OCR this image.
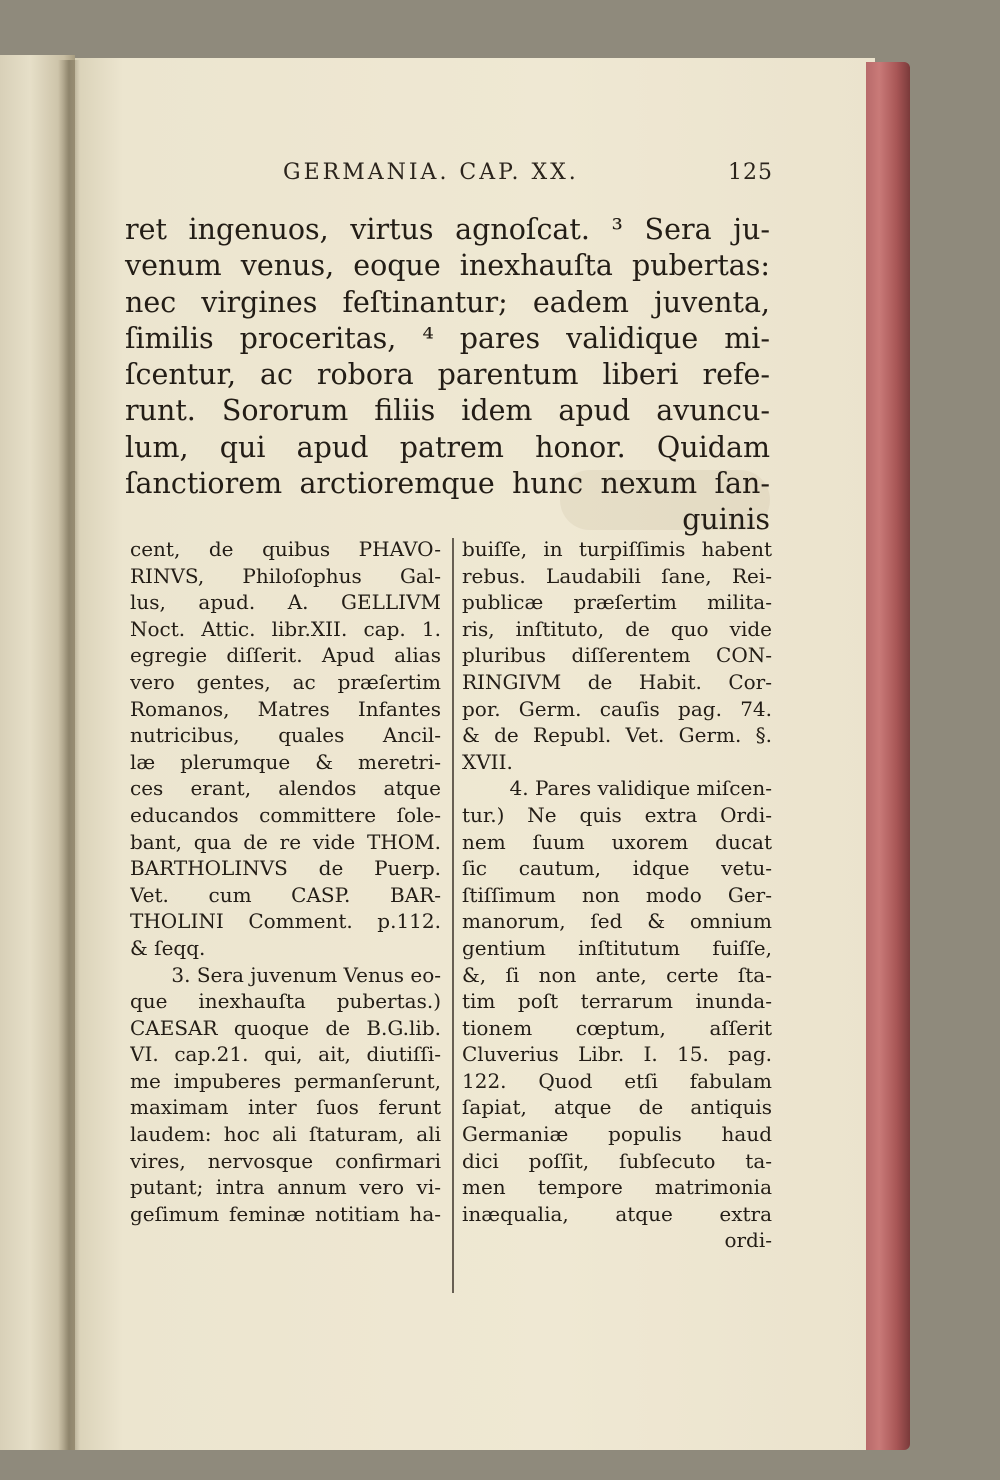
GERMANIA. CAP. XX.	125
ret ingenuos, virtus agnoſcat. ³ Sera ju-
venum venus, eoque inexhauſta pubertas:
nec virgines feſtinantur; eadem juventa,
ſimilis proceritas, ⁴ pares validique mi-
ſcentur, ac robora parentum liberi refe-
runt. Sororum filiis idem apud avuncu-
lum, qui apud patrem honor. Quidam
ſanctiorem arctioremque hunc nexum ſan-
guinis
cent, de quibus PHAVO-
RINVS, Philoſophus Gal-
lus, apud. A. GELLIVM
Noct. Attic. libr.XII. cap. 1.
egregie diſſerit. Apud alias
vero gentes, ac præſertim
Romanos, Matres Infantes
nutricibus, quales Ancil-
læ plerumque & meretri-
ces erant, alendos atque
educandos committere ſole-
bant, qua de re vide THOM.
BARTHOLINVS de Puerp.
Vet. cum CASP. BAR-
THOLINI Comment. p.112.
& ſeqq.
3. Sera juvenum Venus eo-
que inexhauſta pubertas.)
CAESAR quoque de B.G.lib.
VI. cap.21. qui, ait, diutiſſi-
me impuberes permanſerunt,
maximam inter ſuos ferunt
laudem: hoc ali ſtaturam, ali
vires, nervosque confirmari
putant; intra annum vero vi-
geſimum feminæ notitiam ha-
buiſſe, in turpiſſimis habent
rebus. Laudabili ſane, Rei-
publicæ præſertim milita-
ris, inſtituto, de quo vide
pluribus diſſerentem CON-
RINGIVM de Habit. Cor-
por. Germ. cauſis pag. 74.
& de Republ. Vet. Germ. §.
XVII.
4. Pares validique miſcen-
tur.) Ne quis extra Ordi-
nem ſuum uxorem ducat
ſic cautum, idque vetu-
ſtiſſimum non modo Ger-
manorum, ſed & omnium
gentium inſtitutum fuiſſe,
&, ſi non ante, certe ſta-
tim poſt terrarum inunda-
tionem cœptum, aſſerit
Cluverius Libr. I. 15. pag.
122. Quod etſi fabulam
ſapiat, atque de antiquis
Germaniæ populis haud
dici poſſit, ſubſecuto ta-
men tempore matrimonia
inæqualia, atque extra
ordi-
